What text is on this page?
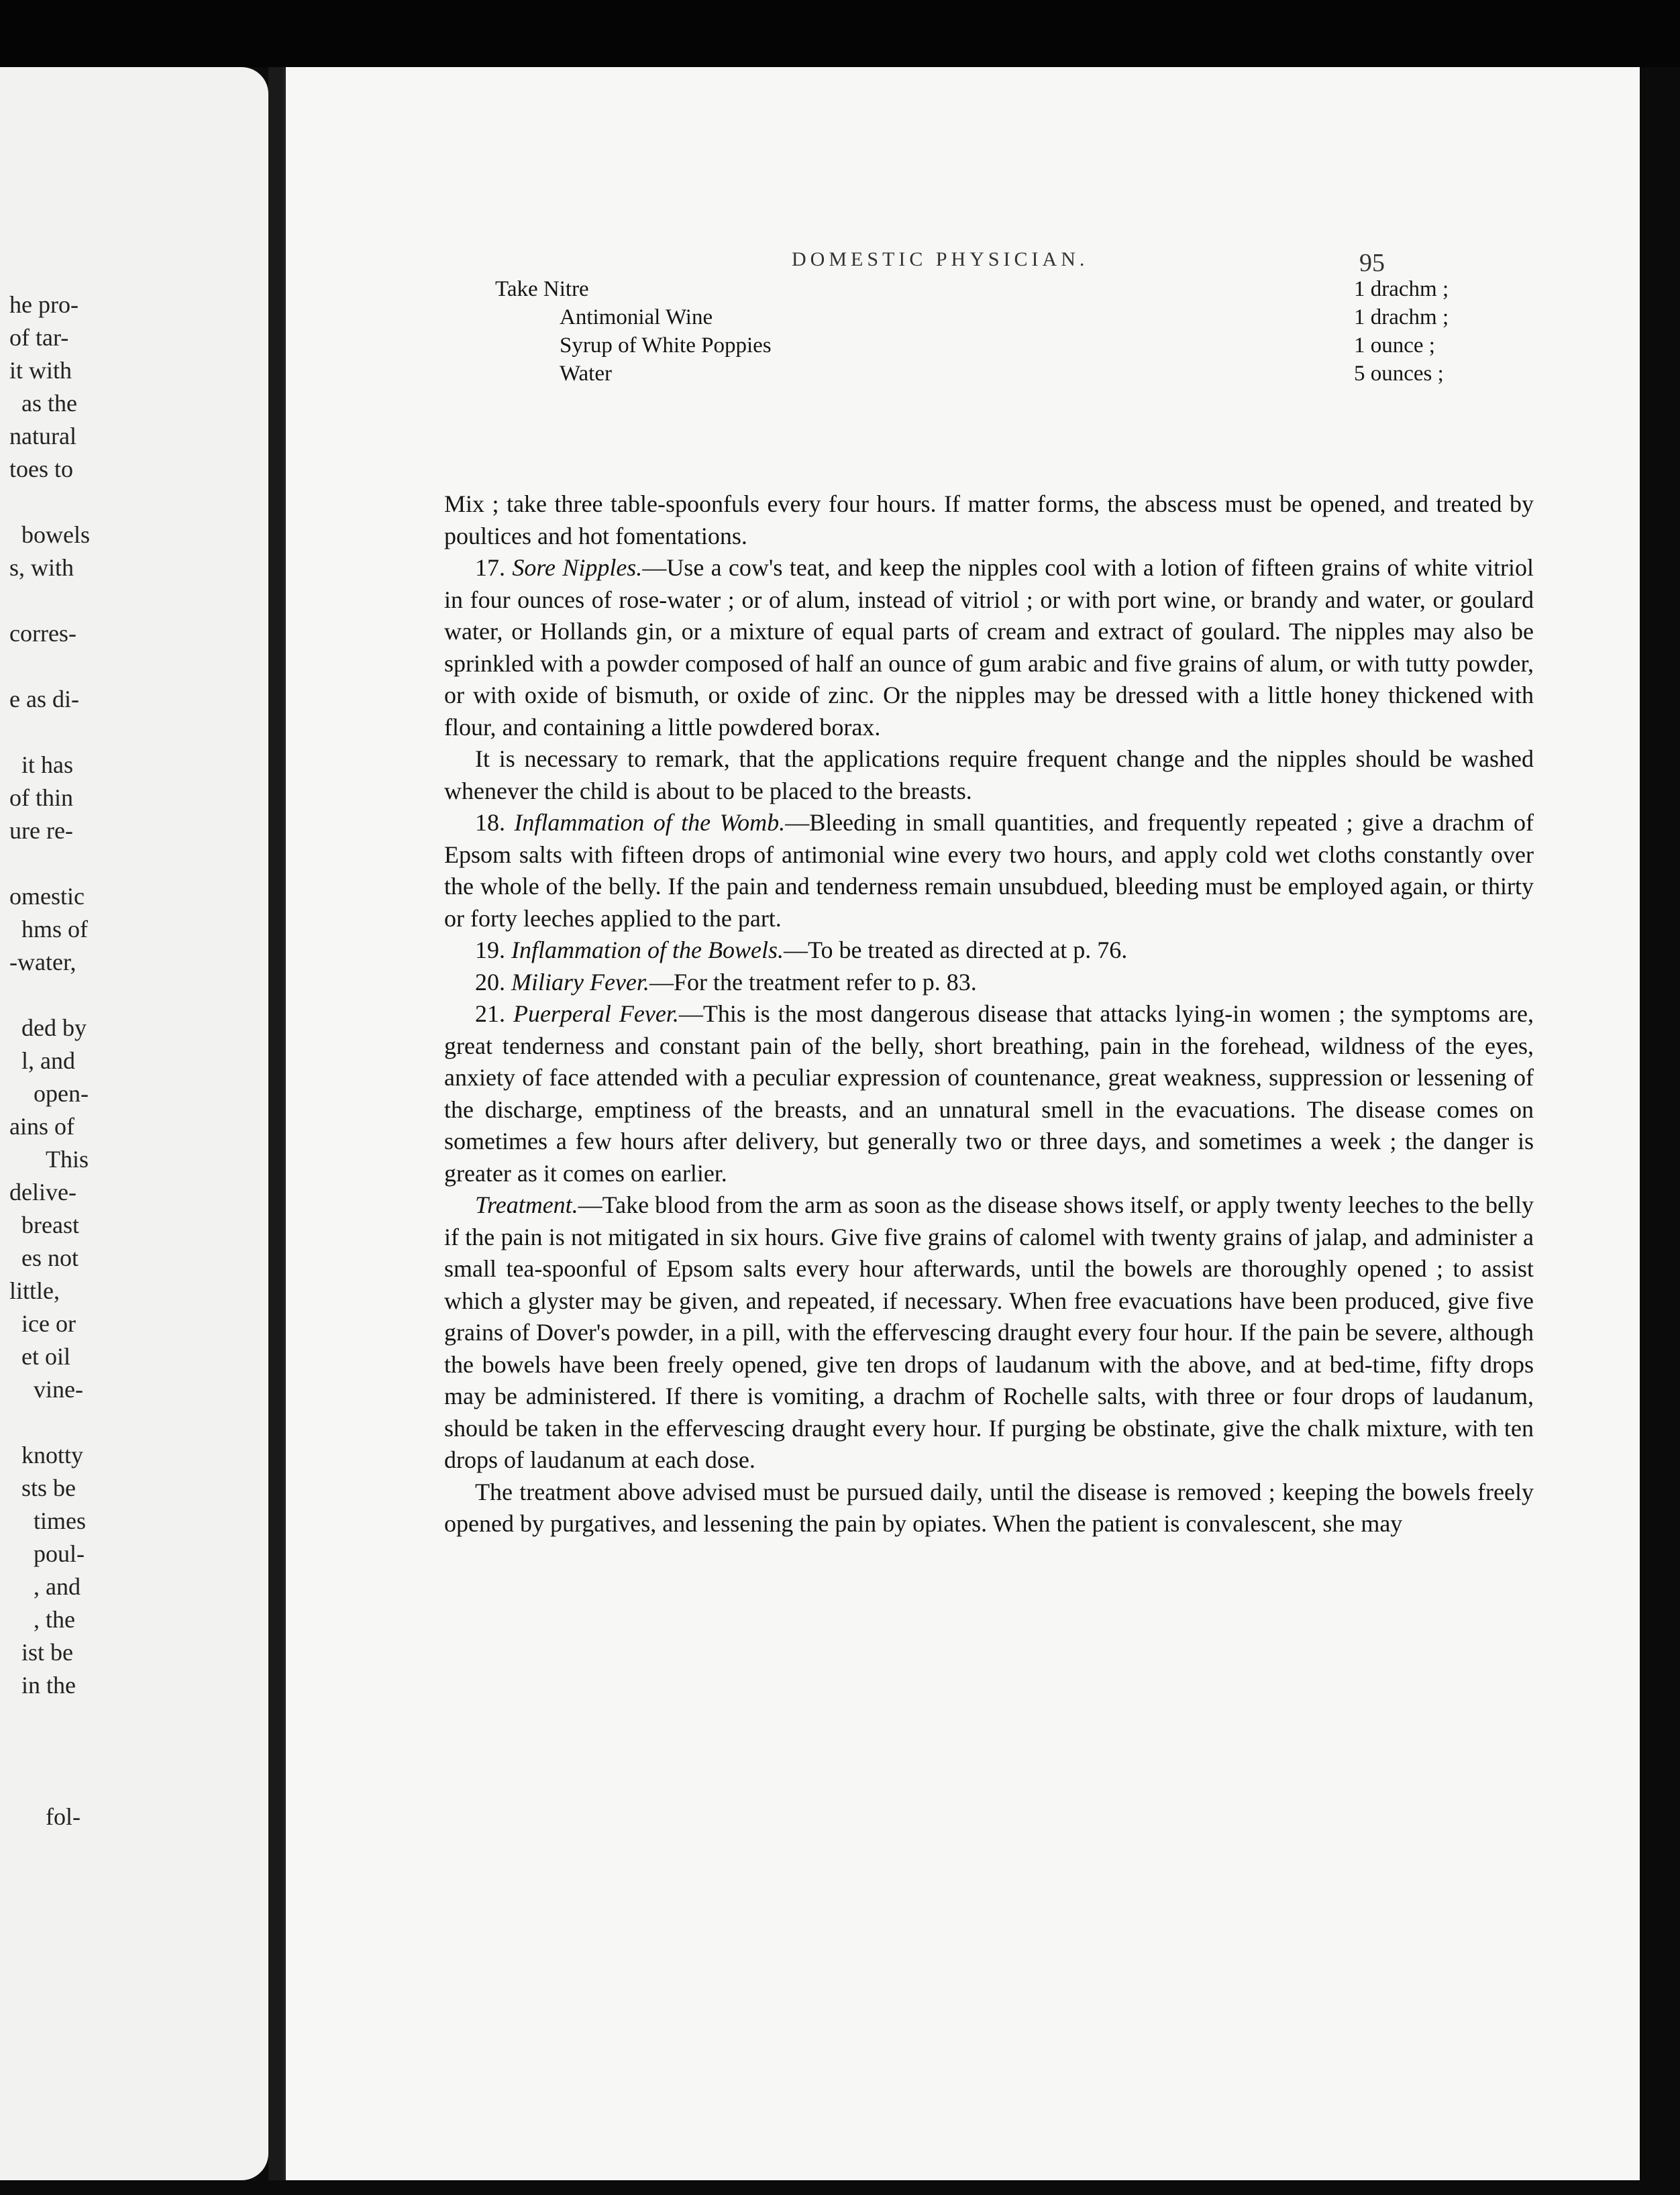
he pro-
of tar-
it with
as the
natural
toes to
bowels
s, with
corres-
e as di-
it has
of thin
ure re-
omestic
hms of
-water,
ded by
l, and
open-
ains of
This
delive-
breast
es not
little,
ice or
et oil
vine-
knotty
sts be
times
poul-
, and
, the
ist be
in the
fol-
DOMESTIC PHYSICIAN.	95
Take Nitre	1 drachm ;
Antimonial Wine	1 drachm ;
Syrup of White Poppies	1 ounce ;
Water	5 ounces ;

Mix ; take three table-spoonfuls every four hours. If matter forms, the abscess must be opened, and treated by poultices and hot fomentations.

17. Sore Nipples.—Use a cow's teat, and keep the nipples cool with a lotion of fifteen grains of white vitriol in four ounces of rose-water ; or of alum, instead of vitriol ; or with port wine, or brandy and water, or goulard water, or Hollands gin, or a mixture of equal parts of cream and extract of goulard. The nipples may also be sprinkled with a powder composed of half an ounce of gum arabic and five grains of alum, or with tutty powder, or with oxide of bismuth, or oxide of zinc. Or the nipples may be dressed with a little honey thickened with flour, and containing a little powdered borax.

It is necessary to remark, that the applications require frequent change and the nipples should be washed whenever the child is about to be placed to the breasts.

18. Inflammation of the Womb.—Bleeding in small quantities, and frequently repeated ; give a drachm of Epsom salts with fifteen drops of antimonial wine every two hours, and apply cold wet cloths constantly over the whole of the belly. If the pain and tenderness remain unsubdued, bleeding must be employed again, or thirty or forty leeches applied to the part.

19. Inflammation of the Bowels.—To be treated as directed at p. 76.

20. Miliary Fever.—For the treatment refer to p. 83.

21. Puerperal Fever.—This is the most dangerous disease that attacks lying-in women ; the symptoms are, great tenderness and constant pain of the belly, short breathing, pain in the forehead, wildness of the eyes, anxiety of face attended with a peculiar expression of countenance, great weakness, suppression or lessening of the discharge, emptiness of the breasts, and an unnatural smell in the evacuations. The disease comes on sometimes a few hours after delivery, but generally two or three days, and sometimes a week ; the danger is greater as it comes on earlier.

Treatment.—Take blood from the arm as soon as the disease shows itself, or apply twenty leeches to the belly if the pain is not mitigated in six hours. Give five grains of calomel with twenty grains of jalap, and administer a small tea-spoonful of Epsom salts every hour afterwards, until the bowels are thoroughly opened ; to assist which a glyster may be given, and repeated, if necessary. When free evacuations have been produced, give five grains of Dover's powder, in a pill, with the effervescing draught every four hour. If the pain be severe, although the bowels have been freely opened, give ten drops of laudanum with the above, and at bed-time, fifty drops may be administered. If there is vomiting, a drachm of Rochelle salts, with three or four drops of laudanum, should be taken in the effervescing draught every hour. If purging be obstinate, give the chalk mixture, with ten drops of laudanum at each dose.

The treatment above advised must be pursued daily, until the disease is removed ; keeping the bowels freely opened by purgatives, and lessening the pain by opiates. When the patient is convalescent, she may
